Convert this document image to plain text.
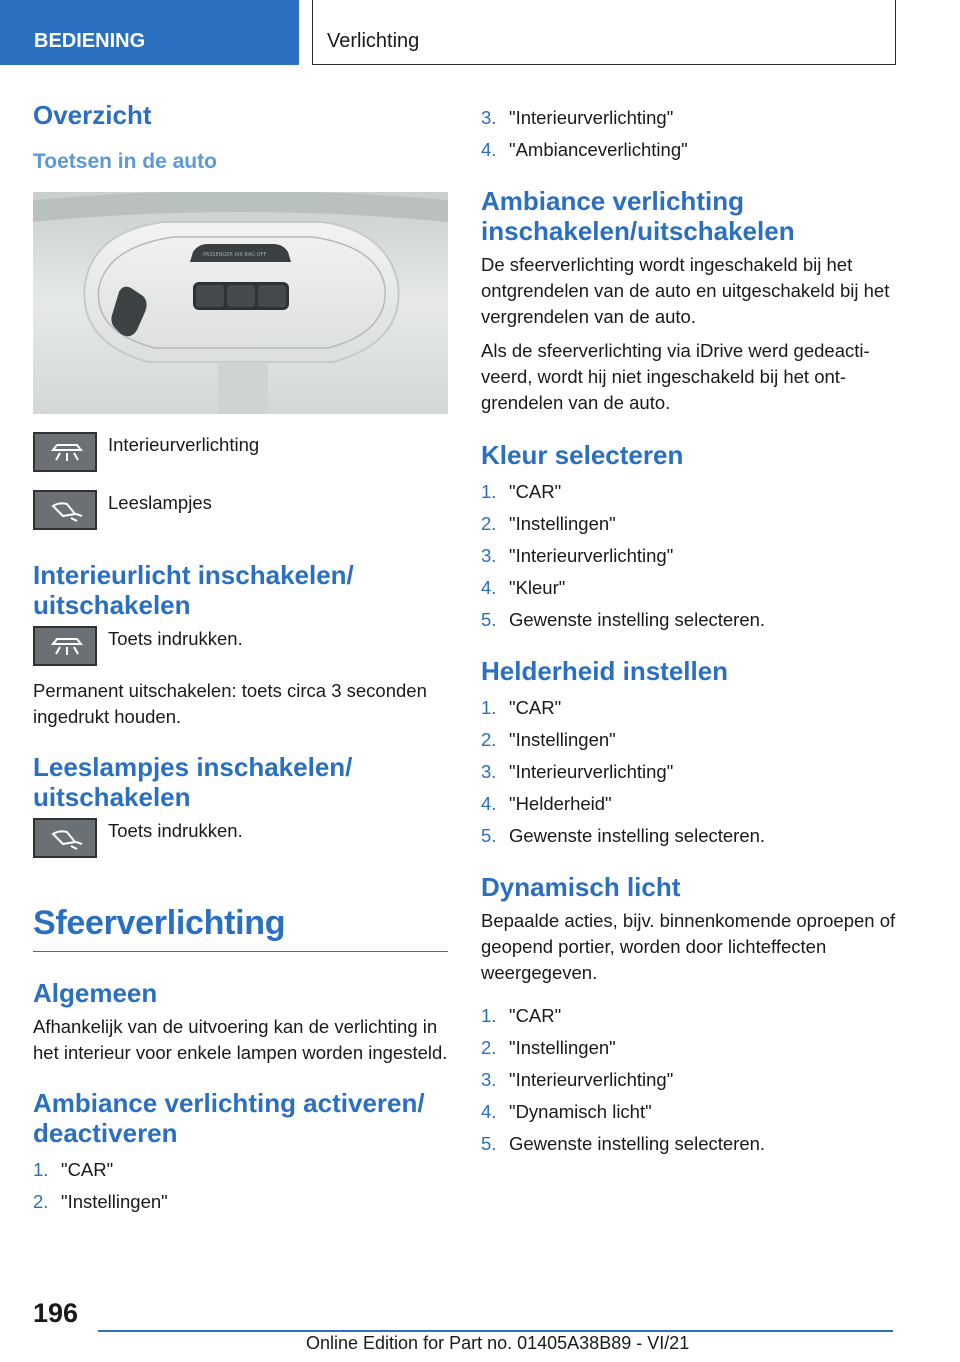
BEDIENING	Verlichting
Overzicht
Toetsen in de auto
PASSENGER AIR BAG OFF
Interieurverlichting
Leeslampjes
Interieurlicht inschakelen/ uitschakelen
Toets indrukken.

Permanent uitschakelen: toets circa 3 seconden ingedrukt houden.

Leeslampjes inschakelen/ uitschakelen
Toets indrukken.
Sfeerverlichting
Algemeen

Afhankelijk van de uitvoering kan de verlichting in het interieur voor enkele lampen worden ingesteld.

Ambiance verlichting activeren/ deactiveren
1. "CAR"
2. "Instellingen"
3. "Interieurverlichting"
4. "Ambianceverlichting"
Ambiance verlichting inschakelen/uitschakelen

De sfeerverlichting wordt ingeschakeld bij het ontgrendelen van de auto en uitgeschakeld bij het vergrendelen van de auto.

Als de sfeerverlichting via iDrive werd gedeactiveerd, wordt hij niet ingeschakeld bij het ontgrendelen van de auto.

Kleur selecteren
1. "CAR"
2. "Instellingen"
3. "Interieurverlichting"
4. "Kleur"
5. Gewenste instelling selecteren.
Helderheid instellen
1. "CAR"
2. "Instellingen"
3. "Interieurverlichting"
4. "Helderheid"
5. Gewenste instelling selecteren.
Dynamisch licht

Bepaalde acties, bijv. binnenkomende oproepen of geopend portier, worden door lichteffecten weergegeven.

1. "CAR"
2. "Instellingen"
3. "Interieurverlichting"
4. "Dynamisch licht"
5. Gewenste instelling selecteren.
196
Online Edition for Part no. 01405A38B89 - VI/21
